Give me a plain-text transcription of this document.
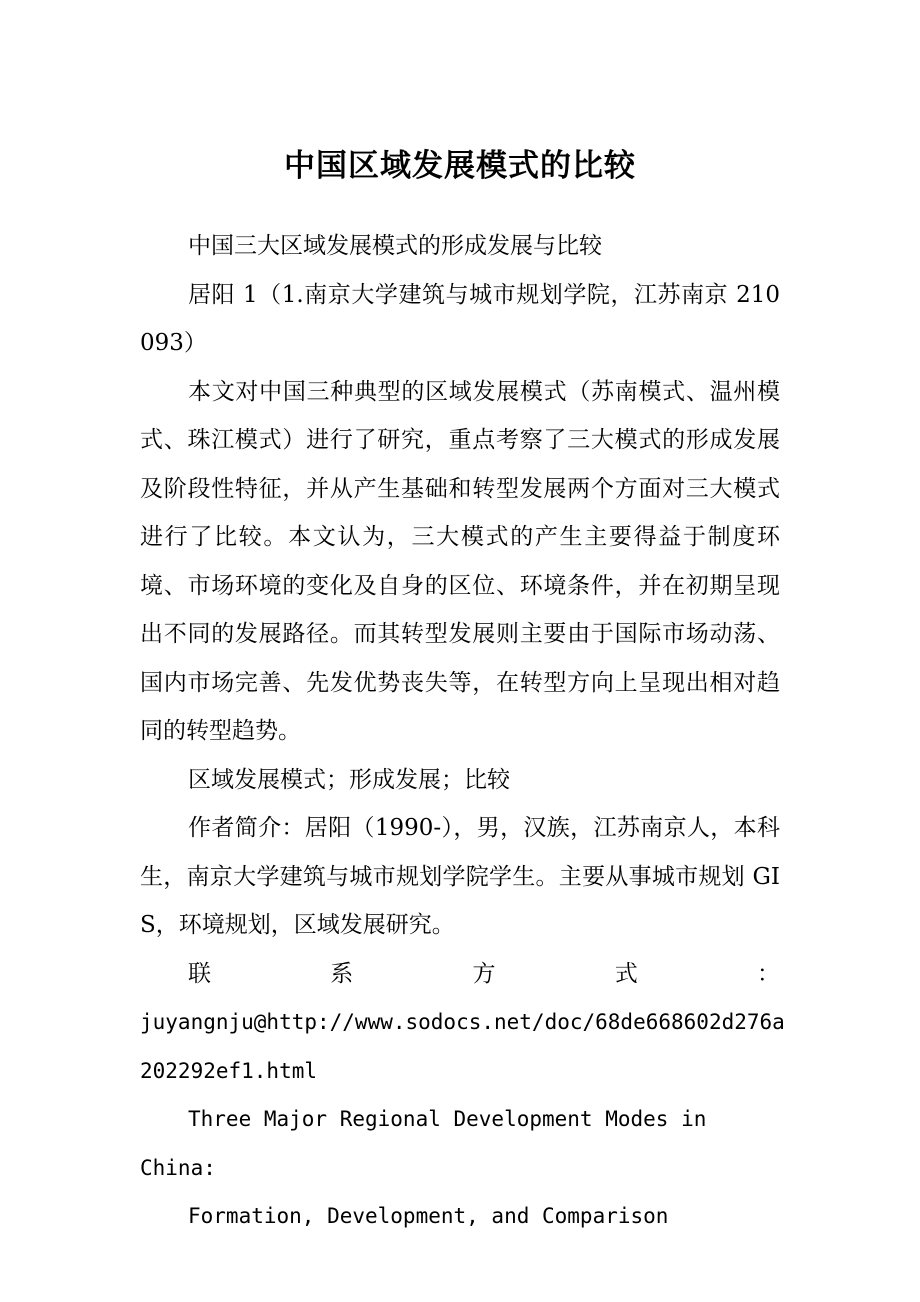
中国区域发展模式的比较

中国三大区域发展模式的形成发展与比较

居阳 1（1.南京大学建筑与城市规划学院，江苏南京 210093）

本文对中国三种典型的区域发展模式（苏南模式、温州模式、珠江模式）进行了研究，重点考察了三大模式的形成发展及阶段性特征，并从产生基础和转型发展两个方面对三大模式进行了比较。本文认为，三大模式的产生主要得益于制度环境、市场环境的变化及自身的区位、环境条件，并在初期呈现出不同的发展路径。而其转型发展则主要由于国际市场动荡、国内市场完善、先发优势丧失等，在转型方向上呈现出相对趋同的转型趋势。

区域发展模式；形成发展；比较

作者简介：居阳（1990-），男，汉族，江苏南京人，本科生，南京大学建筑与城市规划学院学生。主要从事城市规划 GIS，环境规划，区域发展研究。

联系方式：

juyangnju@http://www.sodocs.net/doc/68de668602d276a

202292ef1.html

Three Major Regional Development Modes in China:

Formation, Development, and Comparison
